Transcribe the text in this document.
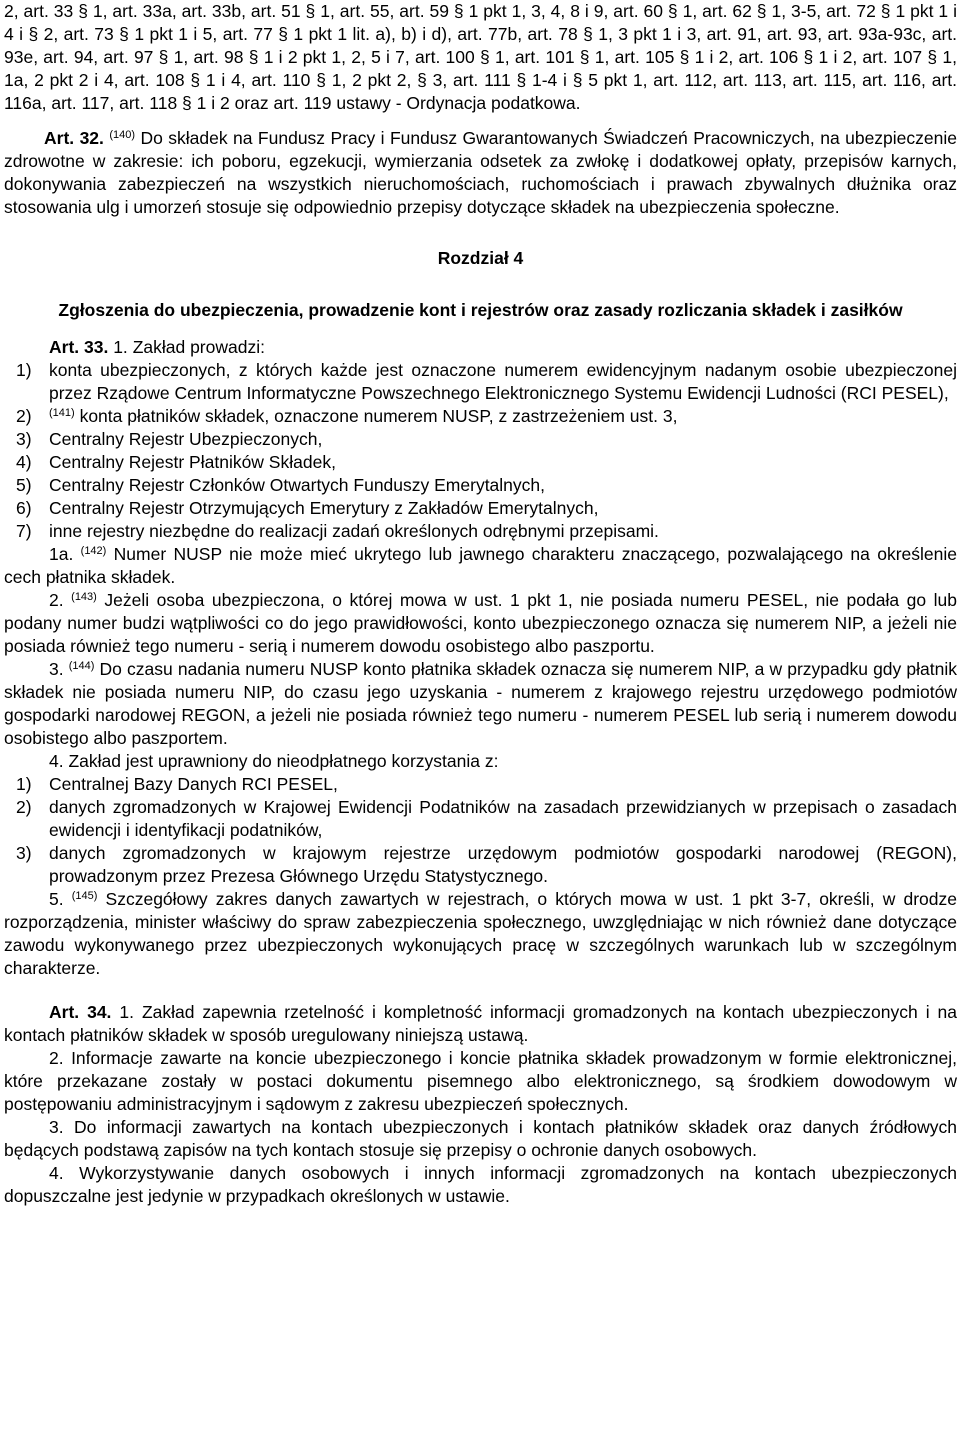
2, art. 33 § 1, art. 33a, art. 33b, art. 51 § 1, art. 55, art. 59 § 1 pkt 1, 3, 4, 8 i 9, art. 60 § 1, art. 62 § 1, 3-5, art. 72 § 1 pkt 1 i 4 i § 2, art. 73 § 1 pkt 1 i 5, art. 77 § 1 pkt 1 lit. a), b) i d), art. 77b, art. 78 § 1, 3 pkt 1 i 3, art. 91, art. 93, art. 93a-93c, art. 93e, art. 94, art. 97 § 1, art. 98 § 1 i 2 pkt 1, 2, 5 i 7, art. 100 § 1, art. 101 § 1, art. 105 § 1 i 2, art. 106 § 1 i 2, art. 107 § 1, 1a, 2 pkt 2 i 4, art. 108 § 1 i 4, art. 110 § 1, 2 pkt 2, § 3, art. 111 § 1-4 i § 5 pkt 1, art. 112, art. 113, art. 115, art. 116, art. 116a, art. 117, art. 118 § 1 i 2 oraz art. 119 ustawy - Ordynacja podatkowa.

Art. 32. $^{(140)}$ Do składek na Fundusz Pracy i Fundusz Gwarantowanych Świadczeń Pracowniczych, na ubezpieczenie zdrowotne w zakresie: ich poboru, egzekucji, wymierzania odsetek za zwłokę i dodatkowej opłaty, przepisów karnych, dokonywania zabezpieczeń na wszystkich nieruchomościach, ruchomościach i prawach zbywalnych dłużnika oraz stosowania ulg i umorzeń stosuje się odpowiednio przepisy dotyczące składek na ubezpieczenia społeczne.

Rozdział 4

Zgłoszenia do ubezpieczenia, prowadzenie kont i rejestrów oraz zasady rozliczania składek i zasiłków

Art. 33. 1. Zakład prowadzi:

1) konta ubezpieczonych, z których każde jest oznaczone numerem ewidencyjnym nadanym osobie ubezpieczonej przez Rządowe Centrum Informatyczne Powszechnego Elektronicznego Systemu Ewidencji Ludności (RCI PESEL),

2) $^{(141)}$ konta płatników składek, oznaczone numerem NUSP, z zastrzeżeniem ust. 3,

3) Centralny Rejestr Ubezpieczonych,

4) Centralny Rejestr Płatników Składek,

5) Centralny Rejestr Członków Otwartych Funduszy Emerytalnych,

6) Centralny Rejestr Otrzymujących Emerytury z Zakładów Emerytalnych,

7) inne rejestry niezbędne do realizacji zadań określonych odrębnymi przepisami.

1a. $^{(142)}$ Numer NUSP nie może mieć ukrytego lub jawnego charakteru znaczącego, pozwalającego na określenie cech płatnika składek.

2. $^{(143)}$ Jeżeli osoba ubezpieczona, o której mowa w ust. 1 pkt 1, nie posiada numeru PESEL, nie podała go lub podany numer budzi wątpliwości co do jego prawidłowości, konto ubezpieczonego oznacza się numerem NIP, a jeżeli nie posiada również tego numeru - serią i numerem dowodu osobistego albo paszportu.

3. $^{(144)}$ Do czasu nadania numeru NUSP konto płatnika składek oznacza się numerem NIP, a w przypadku gdy płatnik składek nie posiada numeru NIP, do czasu jego uzyskania - numerem z krajowego rejestru urzędowego podmiotów gospodarki narodowej REGON, a jeżeli nie posiada również tego numeru - numerem PESEL lub serią i numerem dowodu osobistego albo paszportem.

4. Zakład jest uprawniony do nieodpłatnego korzystania z:

1) Centralnej Bazy Danych RCI PESEL,

2) danych zgromadzonych w Krajowej Ewidencji Podatników na zasadach przewidzianych w przepisach o zasadach ewidencji i identyfikacji podatników,

3) danych zgromadzonych w krajowym rejestrze urzędowym podmiotów gospodarki narodowej (REGON), prowadzonym przez Prezesa Głównego Urzędu Statystycznego.

5. $^{(145)}$ Szczegółowy zakres danych zawartych w rejestrach, o których mowa w ust. 1 pkt 3-7, określi, w drodze rozporządzenia, minister właściwy do spraw zabezpieczenia społecznego, uwzględniając w nich również dane dotyczące zawodu wykonywanego przez ubezpieczonych wykonujących pracę w szczególnych warunkach lub w szczególnym charakterze.

Art. 34. 1. Zakład zapewnia rzetelność i kompletność informacji gromadzonych na kontach ubezpieczonych i na kontach płatników składek w sposób uregulowany niniejszą ustawą.

2. Informacje zawarte na koncie ubezpieczonego i koncie płatnika składek prowadzonym w formie elektronicznej, które przekazane zostały w postaci dokumentu pisemnego albo elektronicznego, są środkiem dowodowym w postępowaniu administracyjnym i sądowym z zakresu ubezpieczeń społecznych.

3. Do informacji zawartych na kontach ubezpieczonych i kontach płatników składek oraz danych źródłowych będących podstawą zapisów na tych kontach stosuje się przepisy o ochronie danych osobowych.

4. Wykorzystywanie danych osobowych i innych informacji zgromadzonych na kontach ubezpieczonych dopuszczalne jest jedynie w przypadkach określonych w ustawie.
